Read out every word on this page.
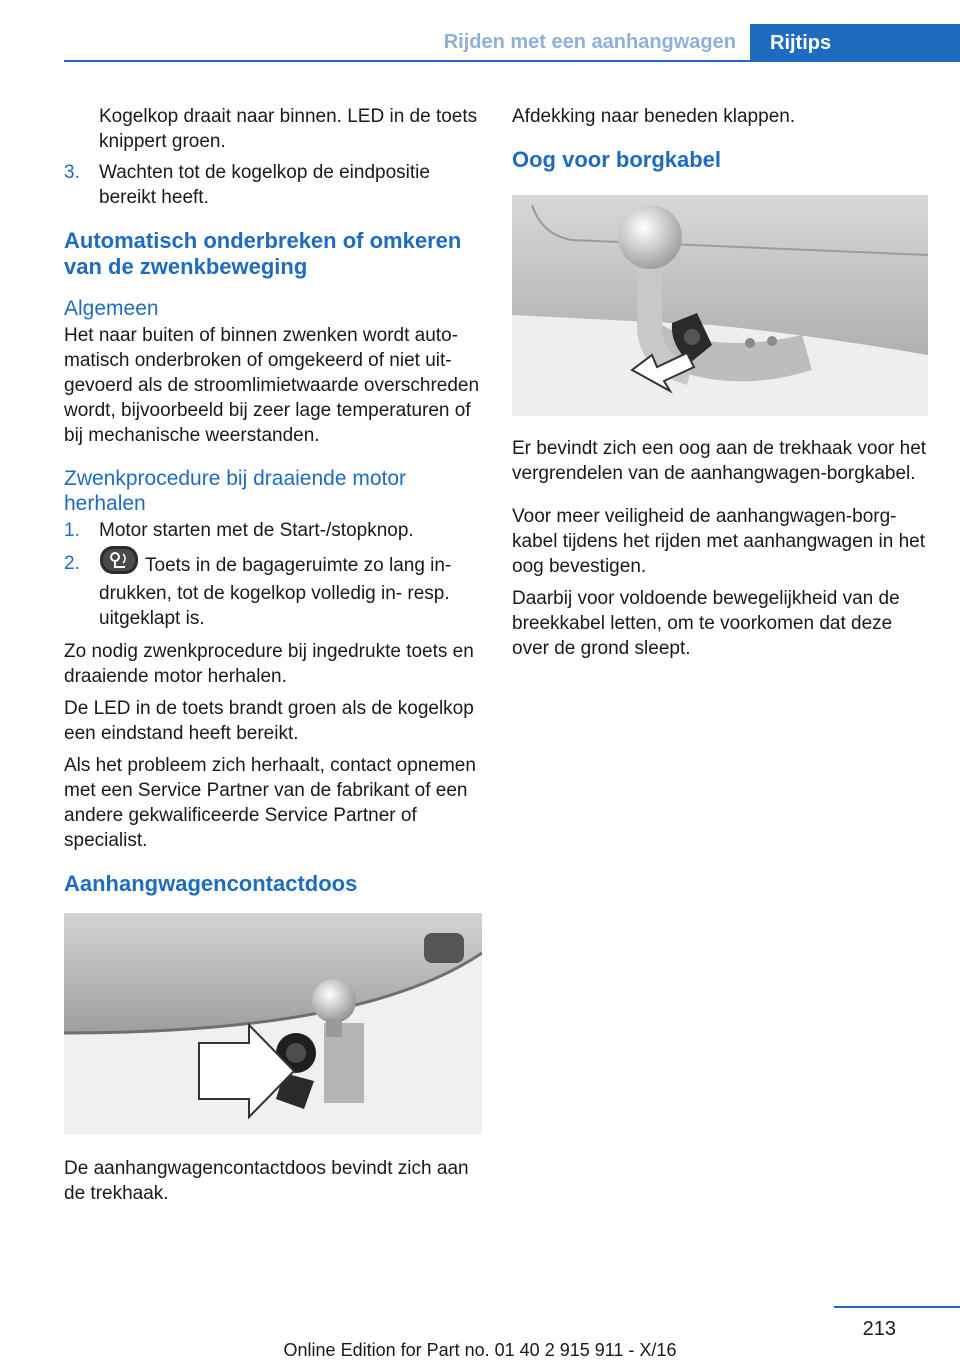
Rijden met een aanhangwagen	Rijtips
Kogelkop draait naar binnen. LED in de toets knippert groen.
3. Wachten tot de kogelkop de eindpositie bereikt heeft.
Automatisch onderbreken of omkeren van de zwenkbeweging
Algemeen

Het naar buiten of binnen zwenken wordt automatisch onderbroken of omgekeerd of niet uitgevoerd als de stroomlimietwaarde overschreden wordt, bijvoorbeeld bij zeer lage temperaturen of bij mechanische weerstanden.

Zwenkprocedure bij draaiende motor herhalen
1. Motor starten met de Start-/stopknop.
2.	Toets in de bagageruimte zo lang indrukken, tot de kogelkop volledig in- resp. uitgeklapt is.

Zo nodig zwenkprocedure bij ingedrukte toets en draaiende motor herhalen.

De LED in de toets brandt groen als de kogelkop een eindstand heeft bereikt.

Als het probleem zich herhaalt, contact opnemen met een Service Partner van de fabrikant of een andere gekwalificeerde Service Partner of specialist.

Aanhangwagencontactdoos

De aanhangwagencontactdoos bevindt zich aan de trekhaak.

Afdekking naar beneden klappen.

Oog voor borgkabel

Er bevindt zich een oog aan de trekhaak voor het vergrendelen van de aanhangwagen-borgkabel.

Voor meer veiligheid de aanhangwagen-borgkabel tijdens het rijden met aanhangwagen in het oog bevestigen.

Daarbij voor voldoende bewegelijkheid van de breekkabel letten, om te voorkomen dat deze over de grond sleept.

213
Online Edition for Part no. 01 40 2 915 911 - X/16
